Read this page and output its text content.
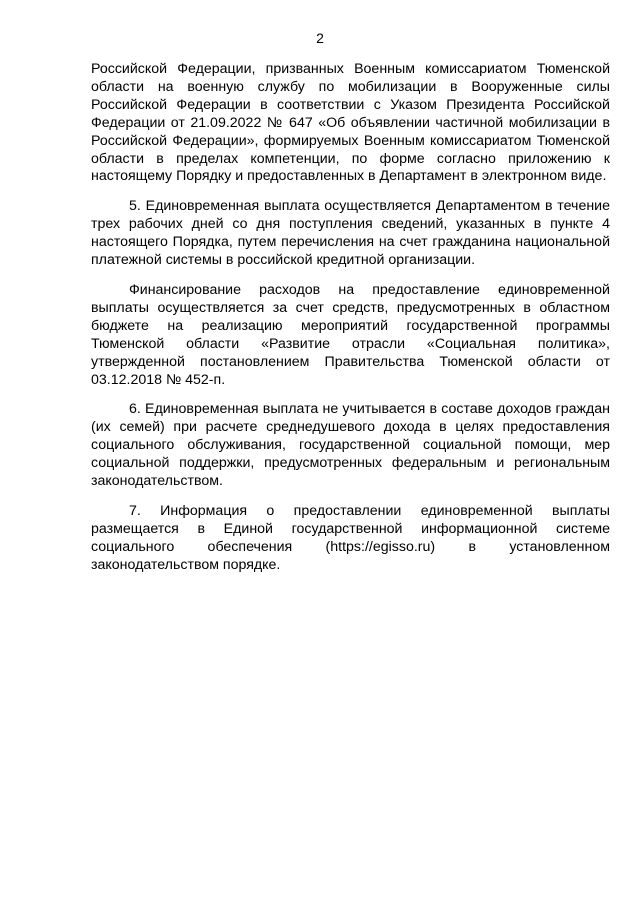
2

Российской Федерации, призванных Военным комиссариатом Тюменской области на военную службу по мобилизации в Вооруженные силы Российской Федерации в соответствии с Указом Президента Российской Федерации от 21.09.2022 № 647 «Об объявлении частичной мобилизации в Российской Федерации», формируемых Военным комиссариатом Тюменской области в пределах компетенции, по форме согласно приложению к настоящему Порядку и предоставленных в Департамент в электронном виде.

5. Единовременная выплата осуществляется Департаментом в течение трех рабочих дней со дня поступления сведений, указанных в пункте 4 настоящего Порядка, путем перечисления на счет гражданина национальной платежной системы в российской кредитной организации.

Финансирование расходов на предоставление единовременной выплаты осуществляется за счет средств, предусмотренных в областном бюджете на реализацию мероприятий государственной программы Тюменской области «Развитие отрасли «Социальная политика», утвержденной постановлением Правительства Тюменской области от 03.12.2018 № 452-п.

6. Единовременная выплата не учитывается в составе доходов граждан (их семей) при расчете среднедушевого дохода в целях предоставления социального обслуживания, государственной социальной помощи, мер социальной поддержки, предусмотренных федеральным и региональным законодательством.

7. Информация о предоставлении единовременной выплаты размещается в Единой государственной информационной системе социального обеспечения (https://egisso.ru) в установленном законодательством порядке.
